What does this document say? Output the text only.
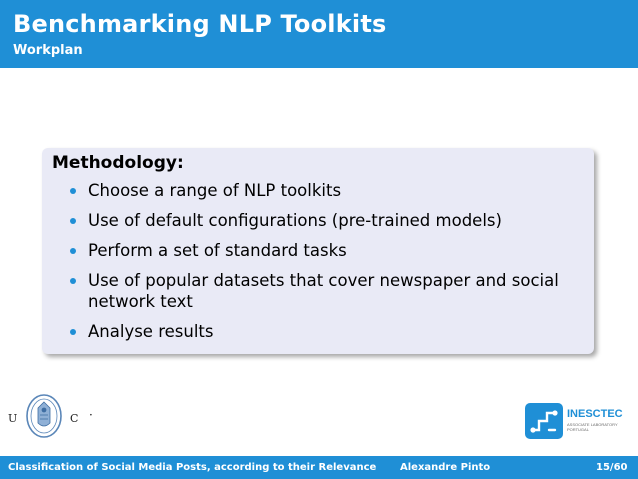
Benchmarking NLP Toolkits
Workplan
Methodology:
Choose a range of NLP toolkits
Use of default configurations (pre-trained models)
Perform a set of standard tasks
Use of popular datasets that cover newspaper and social network text
Analyse results
U	C ·	INESCTEC
ASSOCIATE LABORATORY PORTUGAL
Classification of Social Media Posts, according to their Relevance Alexandre Pinto	15/60
